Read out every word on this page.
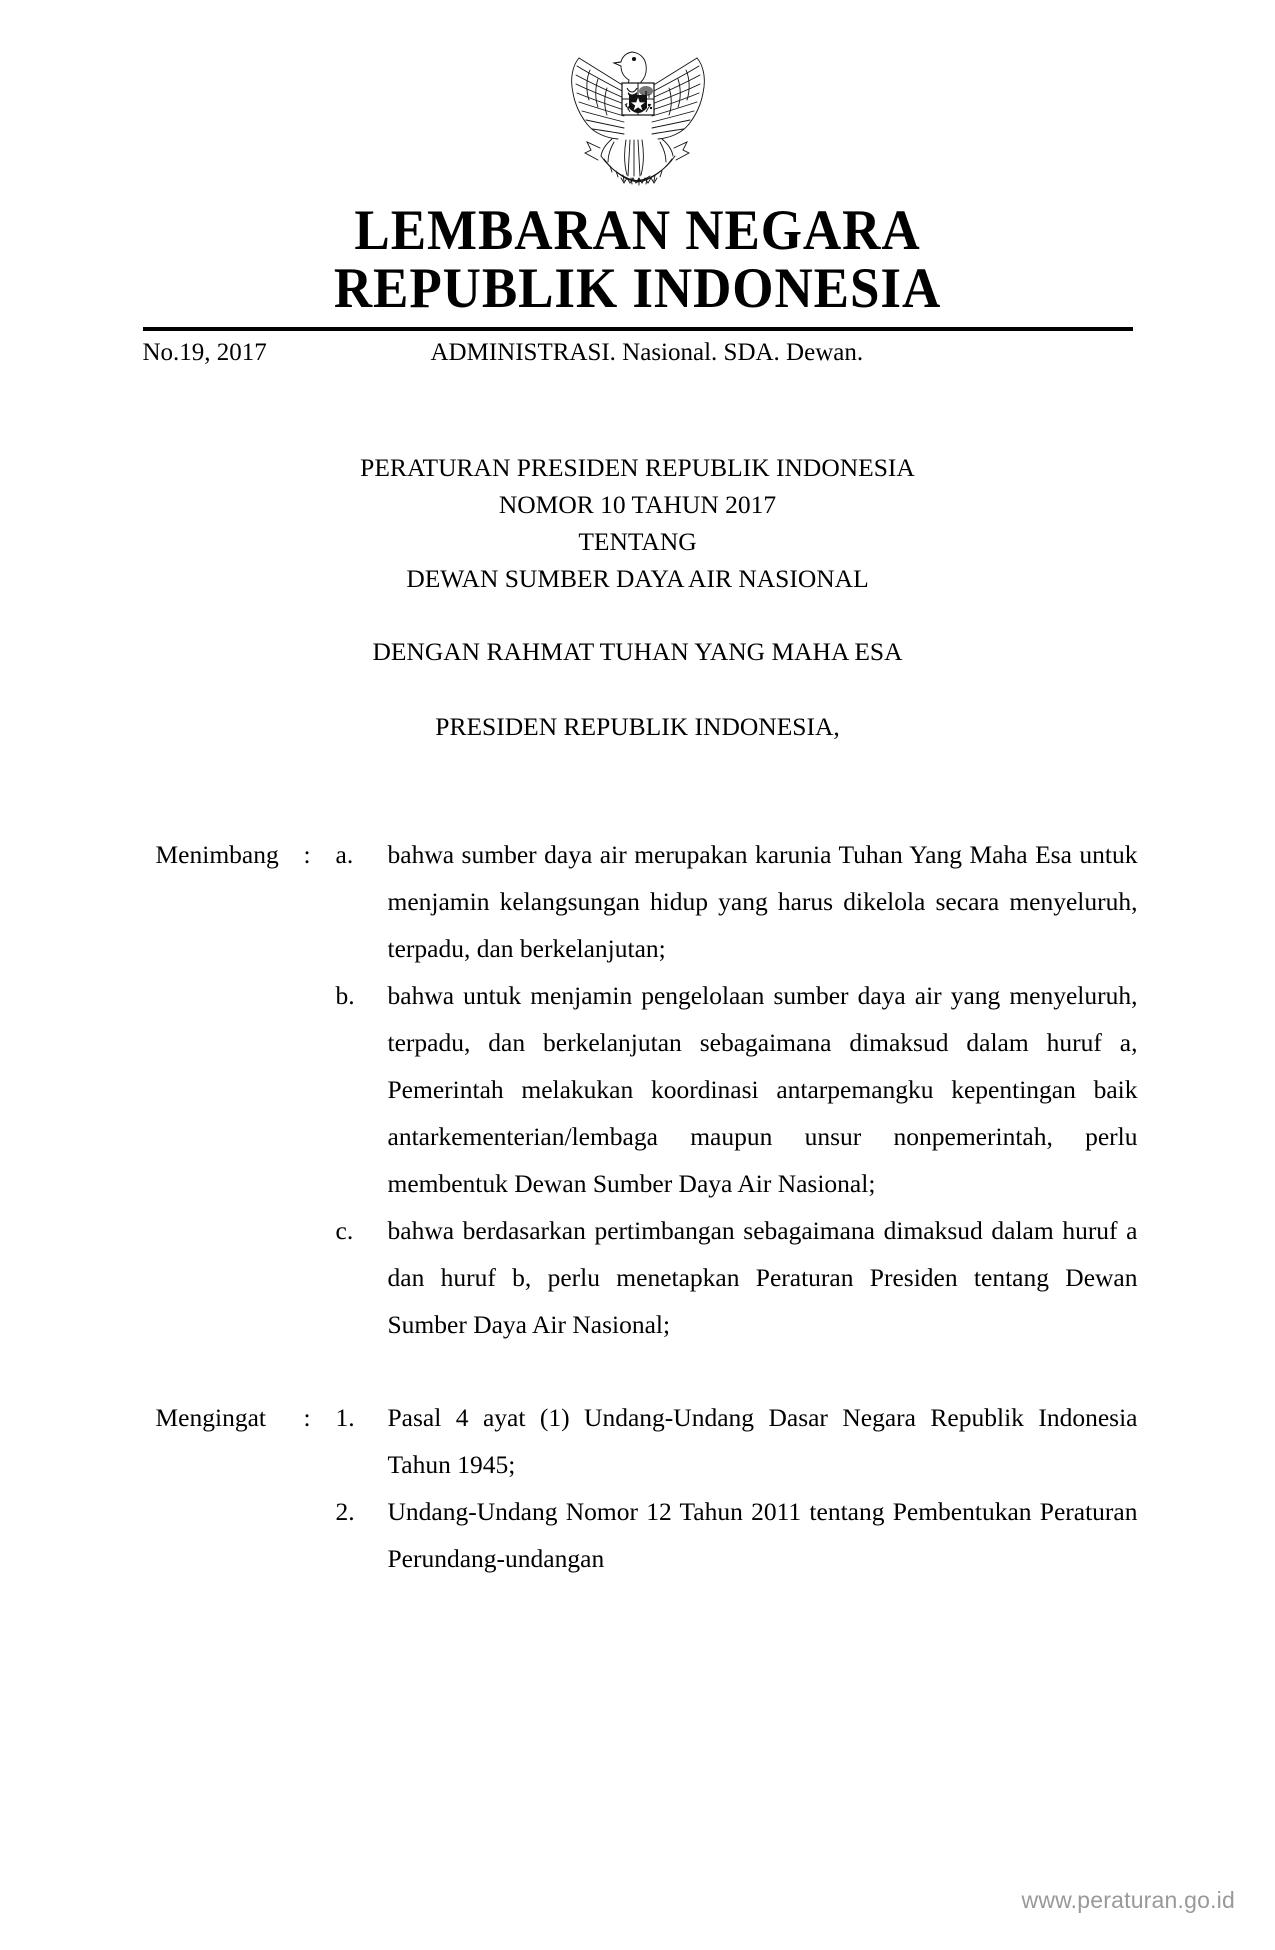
LEMBARAN NEGARA
REPUBLIK INDONESIA
No.19, 2017	ADMINISTRASI. Nasional. SDA. Dewan.
PERATURAN PRESIDEN REPUBLIK INDONESIA
NOMOR 10 TAHUN 2017
TENTANG
DEWAN SUMBER DAYA AIR NASIONAL
DENGAN RAHMAT TUHAN YANG MAHA ESA
PRESIDEN REPUBLIK INDONESIA,
Menimbang : a.	bahwa sumber daya air merupakan karunia Tuhan Yang Maha Esa untuk menjamin kelangsungan hidup yang harus dikelola secara menyeluruh, terpadu, dan berkelanjutan;
b.	bahwa untuk menjamin pengelolaan sumber daya air yang menyeluruh, terpadu, dan berkelanjutan sebagaimana dimaksud dalam huruf a, Pemerintah melakukan koordinasi antarpemangku kepentingan baik antarkementerian/lembaga maupun unsur nonpemerintah, perlu membentuk Dewan Sumber Daya Air Nasional;
c.	bahwa berdasarkan pertimbangan sebagaimana dimaksud dalam huruf a dan huruf b, perlu menetapkan Peraturan Presiden tentang Dewan Sumber Daya Air Nasional;
Mengingat	: 1.	Pasal 4 ayat (1) Undang-Undang Dasar Negara Republik Indonesia Tahun 1945;
2.	Undang-Undang Nomor 12 Tahun 2011 tentang Pembentukan Peraturan Perundang-undangan
www.peraturan.go.id
